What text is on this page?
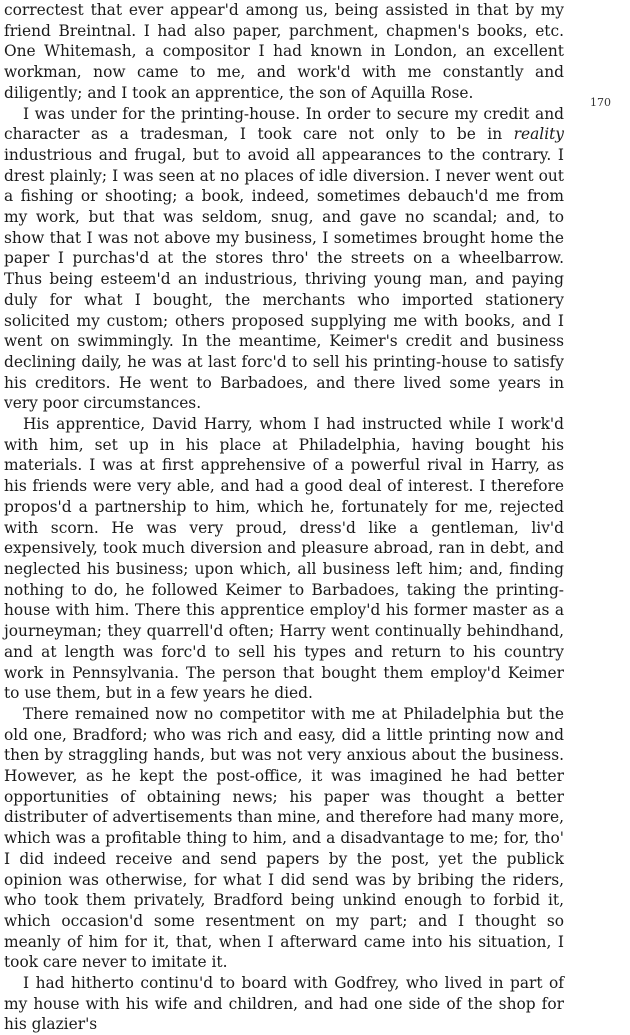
correctest that ever appear'd among us, being assisted in that by my friend Breintnal. I had also paper, parchment, chapmen's books, etc. One Whitemash, a compositor I had known in London, an excellent workman, now came to me, and work'd with me constantly and diligently; and I took an apprentice, the son of Aquilla Rose.

I was under for the printing-house. In order to secure my credit and character as a tradesman, I took care not only to be in reality industrious and frugal, but to avoid all appearances to the contrary. I drest plainly; I was seen at no places of idle diversion. I never went out a fishing or shooting; a book, indeed, sometimes debauch'd me from my work, but that was seldom, snug, and gave no scandal; and, to show that I was not above my business, I sometimes brought home the paper I purchas'd at the stores thro' the streets on a wheelbarrow. Thus being esteem'd an industrious, thriving young man, and paying duly for what I bought, the merchants who imported stationery solicited my custom; others proposed supplying me with books, and I went on swimmingly. In the meantime, Keimer's credit and business declining daily, he was at last forc'd to sell his printing-house to satisfy his creditors. He went to Barbadoes, and there lived some years in very poor circumstances.

His apprentice, David Harry, whom I had instructed while I work'd with him, set up in his place at Philadelphia, having bought his materials. I was at first apprehensive of a powerful rival in Harry, as his friends were very able, and had a good deal of interest. I therefore propos'd a partnership to him, which he, fortunately for me, rejected with scorn. He was very proud, dress'd like a gentleman, liv'd expensively, took much diversion and pleasure abroad, ran in debt, and neglected his business; upon which, all business left him; and, finding nothing to do, he followed Keimer to Barbadoes, taking the printing-house with him. There this apprentice employ'd his former master as a journeyman; they quarrell'd often; Harry went continually behindhand, and at length was forc'd to sell his types and return to his country work in Pennsylvania. The person that bought them employ'd Keimer to use them, but in a few years he died.

There remained now no competitor with me at Philadelphia but the old one, Bradford; who was rich and easy, did a little printing now and then by straggling hands, but was not very anxious about the business. However, as he kept the post-office, it was imagined he had better opportunities of obtaining news; his paper was thought a better distributer of advertisements than mine, and therefore had many more, which was a profitable thing to him, and a disadvantage to me; for, tho' I did indeed receive and send papers by the post, yet the publick opinion was otherwise, for what I did send was by bribing the riders, who took them privately, Bradford being unkind enough to forbid it, which occasion'd some resentment on my part; and I thought so meanly of him for it, that, when I afterward came into his situation, I took care never to imitate it.

I had hitherto continu'd to board with Godfrey, who lived in part of my house with his wife and children, and had one side of the shop for his glazier's

170
